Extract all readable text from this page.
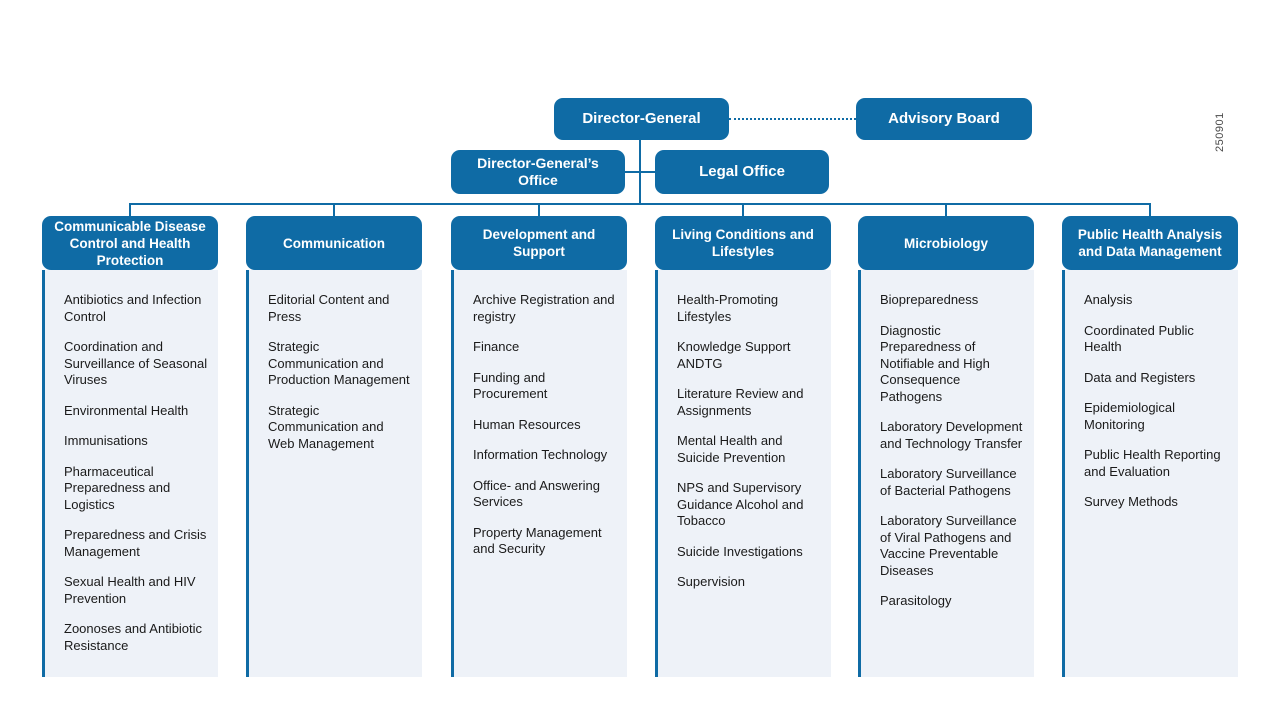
Director-General	Advisory Board
Director-General’s Office	Legal Office
Communicable Disease Control and Health Protection

Antibiotics and Infection Control

Coordination and Surveillance of Seasonal Viruses

Environmental Health

Immunisations

Pharmaceutical Preparedness and Logistics

Preparedness and Crisis Management

Sexual Health and HIV Prevention

Zoonoses and Antibiotic Resistance

Communication

Editorial Content and Press

Strategic Communication and Production Management

Strategic Communication and Web Management

Development and Support

Archive Registration and registry

Finance

Funding and Procurement

Human Resources

Information Technology

Office- and Answering Services

Property Management and Security

Living Conditions and Lifestyles

Health-Promoting Lifestyles

Knowledge Support ANDTG

Literature Review and Assignments

Mental Health and Suicide Prevention

NPS and Supervisory Guidance Alcohol and Tobacco

Suicide Investigations

Supervision

Microbiology

Biopreparedness

Diagnostic Preparedness of Notifiable and High Consequence Pathogens

Laboratory Development and Technology Transfer

Laboratory Surveillance of Bacterial Pathogens

Laboratory Surveillance of Viral Pathogens and Vaccine Preventable Diseases

Parasitology

Public Health Analysis and Data Management

Analysis

Coordinated Public Health

Data and Registers

Epidemiological Monitoring

Public Health Reporting and Evaluation

Survey Methods

250901
